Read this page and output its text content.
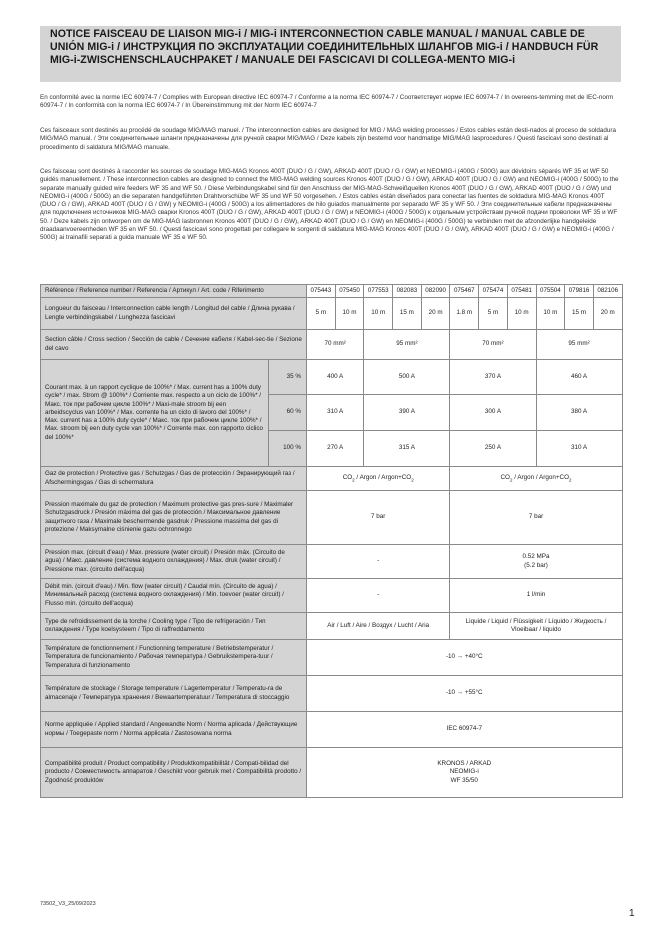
NOTICE FAISCEAU DE LIAISON MIG-i / MIG-i INTERCONNECTION CABLE MANUAL / MANUAL CABLE DE UNIÓN MIG-i / ИНСТРУКЦИЯ ПО ЭКСПЛУАТАЦИИ СОЕДИНИТЕЛЬНЫХ ШЛАНГОВ MIG-i / HANDBUCH FÜR MIG-i-ZWISCHENSCHLAUCHPAKET / MANUALE DEI FASCICAVI DI COLLEGA-MENTO MIG-i
En conformité avec la norme IEC 60974-7 / Complies with European directive IEC 60974-7 / Conforme a la norma IEC 60974-7 / Соответствует норме IEC 60974-7 / In overeens-temming met de IEC-norm 60974-7 / In conformità con la norma IEC 60974-7 / In Übereinstimmung mit der Norm IEC 60974-7
Ces faisceaux sont destinés au procédé de soudage MIG/MAG manuel. / The interconnection cables are designed for MIG / MAG welding processes / Estos cables están desti-nados al proceso de soldadura MIG/MAG manual. / Эти соединительные шланги предназначены для ручной сварки MIG/MAG / Deze kabels zijn bestemd voor handmatige MIG/MAG lasprocedures / Questi fascicavi sono destinati al procedimento di saldatura MIG/MAG manuale.
Ces faisceau sont destinés à raccorder les sources de soudage MIG-MAG Kronos 400T (DUO / G / GW), ARKAD 400T (DUO / G / GW) et NEOMIG-i (400G / 500G) aux dévidoirs séparés WF 35 et WF 50 guidés manuellement. / These interconnection cables are designed to connect the MIG-MAG welding sources Kronos 400T (DUO / G / GW), ARKAD 400T (DUO / G / GW) and NEOMIG-i (400G / 500G) to the separate manually guided wire feeders WF 35 and WF 50. / Diese Verbindungskabel sind für den Anschluss der MIG-MAG-Schweißquellen Kronos 400T (DUO / G / GW), ARKAD 400T (DUO / G / GW) und NEOMIG-i (400G / 500G) an die separaten handgeführten Drahtvorschübe WF 35 und WF 50 vorgesehen. / Estos cables están diseñados para conectar las fuentes de soldadura MIG-MAG Kronos 400T (DUO / G / GW), ARKAD 400T (DUO / G / GW) y NEOMIG-i (400G / 500G) a los alimentadores de hilo guiados manualmente por separado WF 35 y WF 50. / Эти соединительные кабели предназначены для подключения источников MIG-MAG сварки Kronos 400T (DUO / G / GW), ARKAD 400T (DUO / G / GW) и NEOMIG-i (400G / 500G) к отдельным устройствам ручной подачи проволоки WF 35 и WF 50. / Deze kabels zijn ontworpen om de MIG-MAG lasbronnen Kronos 400T (DUO / G / GW), ARKAD 400T (DUO / G / GW) en NEOMIG-i (400G / 500G) te verbinden met de afzonderlijke handgeleide draadaanvoereenheden WF 35 en WF 50. / Questi fascicavi sono progettati per collegare le sorgenti di saldatura MIG-MAG Kronos 400T (DUO / G / GW), ARKAD 400T (DUO / G / GW) e NEOMIG-i (400G / 500G) ai trainafili separati a guida manuale WF 35 e WF 50.
Référence / Reference number / Referencia / Артикул / Art. code / Riferimento		075443	075450	077553	082083	082090	075467	075474	075481	075504	079816	082106
Longueur du faisceau / Interconnection cable length / Longitud del cable / Длина рукава / Lengte verbindingskabel / Lunghezza fascicavi		5 m	10 m	10 m	15 m	20 m	1.8 m	5 m	10 m	10 m	15 m	20 m
Section câble / Cross section / Sección de cable / Сечение кабеля / Kabel-sec-tie / Sezione del cavo		70 mm²		95 mm²			70 mm²			95 mm²		
Courant max. à un rapport cyclique de 100%* / Max. current has a 100% duty cycle* / max. Strom @ 100%* / Corriente max. respecto a un ciclo de 100%* / Макс. ток при рабочем цикле 100%* / Maxi-male stroom bij een arbeidscyclus van 100%* / Max. corrente ha un ciclo di lavoro del 100%* / Max. current has a 100% duty cycle* / Макс. ток при рабочем цикле 100%* / Max. stroom bij een duty cycle van 100%* / Corrente max. con rapporto ciclico del 100%*	35 %	400 A		500 A			370 A			460 A		
	60 %	310 A		390 A			300 A			380 A		
	100 %	270 A		315 A			250 A			310 A		
Gaz de protection / Protective gas / Schutzgas / Gas de protección / Экранирующий газ / Afschermingsgas / Gas di schermatura		$CO_2$ / Argon / $Argon+CO_2$					$CO_2$ / Argon / $Argon+CO_2$
Pression maximale du gaz de protection / Maximum protective gas pres-sure / Maximaler Schutzgasdruck / Presión máxima del gas de protección / Максимальное давление защитного газа / Maximale beschermende gasdruk / Pressione massima del gas di protezione / Maksymalne ciśnienie gazu ochronnego		7 bar					7 bar					
Pression max. (circuit d'eau) / Max. pressure (water circuit) / Presión máx. (Circuito de agua) / Макс. давление (система водного охлаждения) / Max. druk (water circuit) / Pressione max. (circuito dell'acqua)		-					0.52 MPa
(5.2 bar)					

Débit min. (circuit d'eau) / Min. flow (water circuit) / Caudal mín. (Circuito de agua) / Минимальный расход (система водного охлаждения) / Min. toevoer (water circuit) / Flusso min. (circuito dell'acqua)		-					1 l/min					
Type de refroidissement de la torche / Cooling type / Tipo de refrigeración / Тип охлаждения / Type koelsysteem / Tipo di raffreddamento		Air / Luft / Aire / Воздух / Lucht / Aria					Liquide / Liquid / Flüssigkeit / Líquido / Жидкость / Vloeibaar / liquido					
Température de fonctionnement / Functionning temperature / Betriebstemperatur / Temperatura de funcionamiento / Рабочая температура / Gebruikstempera-tuur / Temperatura di funzionamento		-10 → +40°C										
Température de stockage / Storage temperature / Lagertemperatur / Temperatu-ra de almacenaje / Температура хранения / Bewaartemperatuur / Temperatura di stoccaggio		-10 → +55°C										
Norme appliquée / Applied standard / Angewandte Norm / Norma aplicada / Действующие нормы / Toegepaste norm / Norma applicata / Zastosowana norma		IEC 60974-7										
Compatibilité produit / Product compatibility / Produktkompatibilität / Compati-bilidad del producto / Совместимость аппаратов / Geschikt voor gebruik met / Compatibilità prodotto / Zgodność produktów		KRONOS / ARKAD
NEOMIG-i
WF 35/50										
73502_V3_25/09/2023
1
